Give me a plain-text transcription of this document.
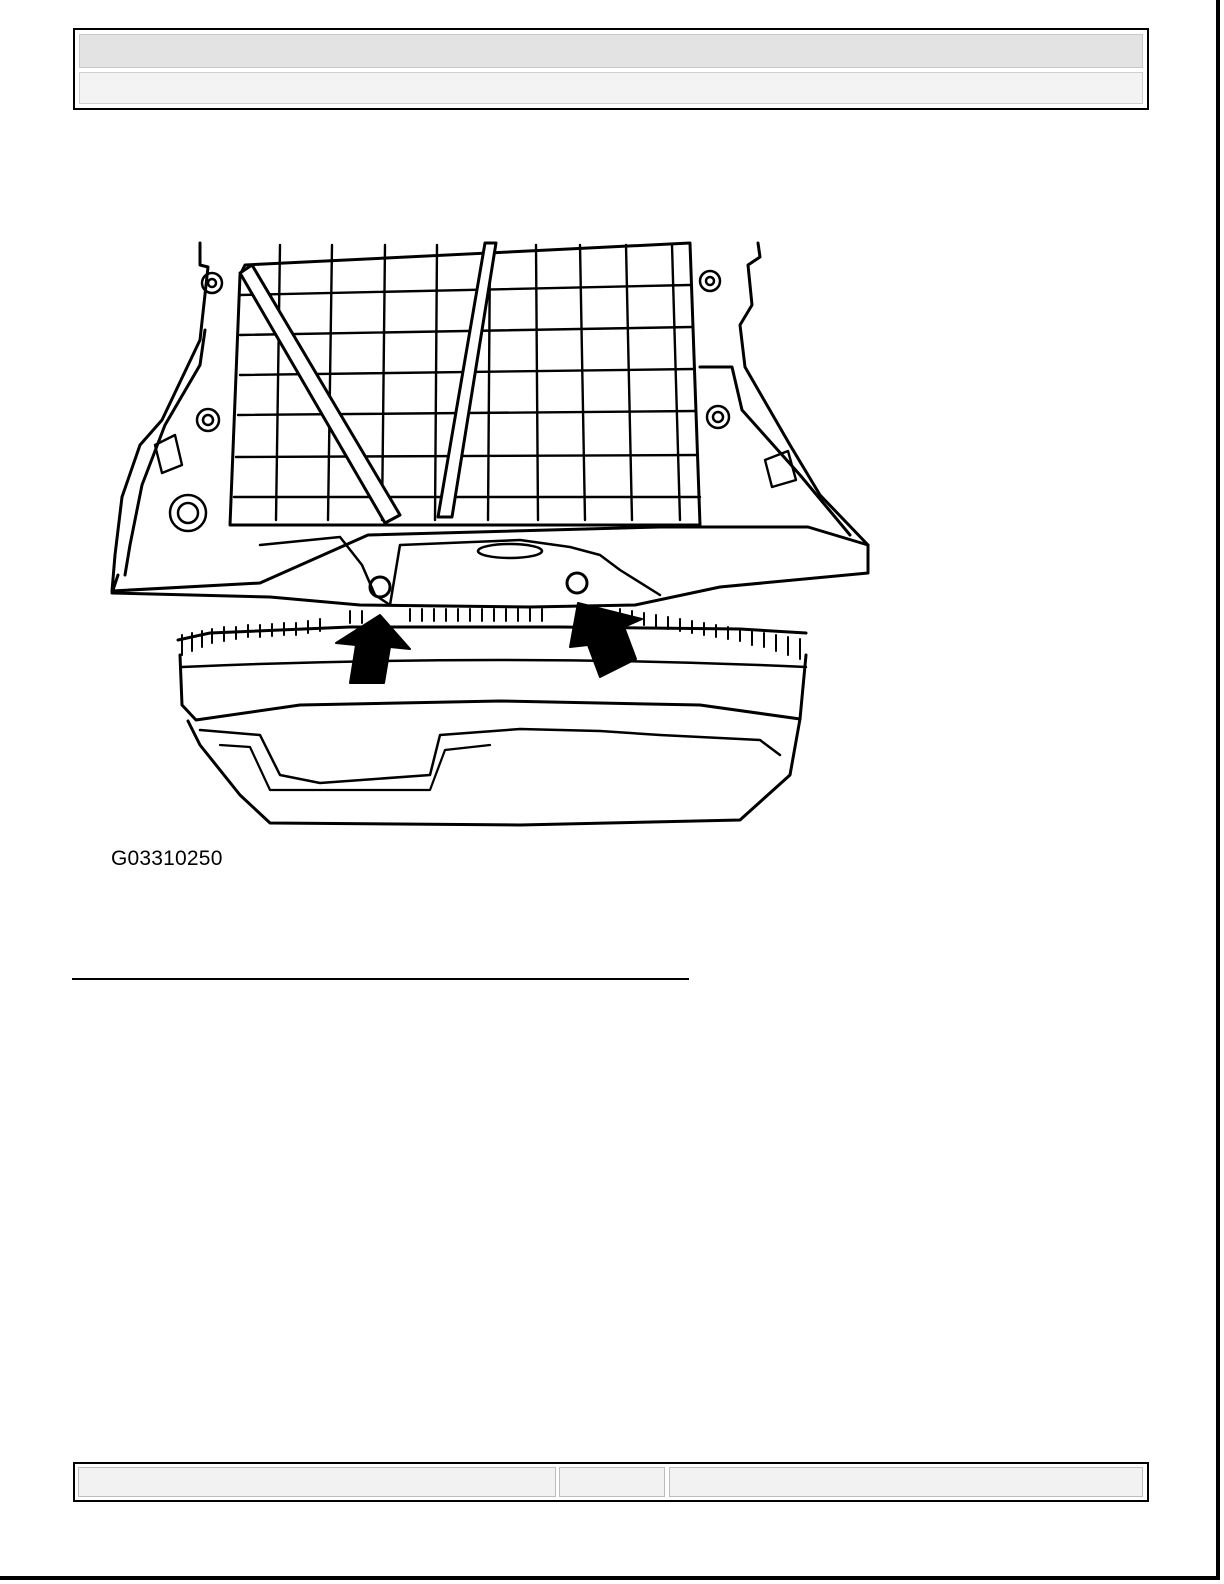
G03310250
